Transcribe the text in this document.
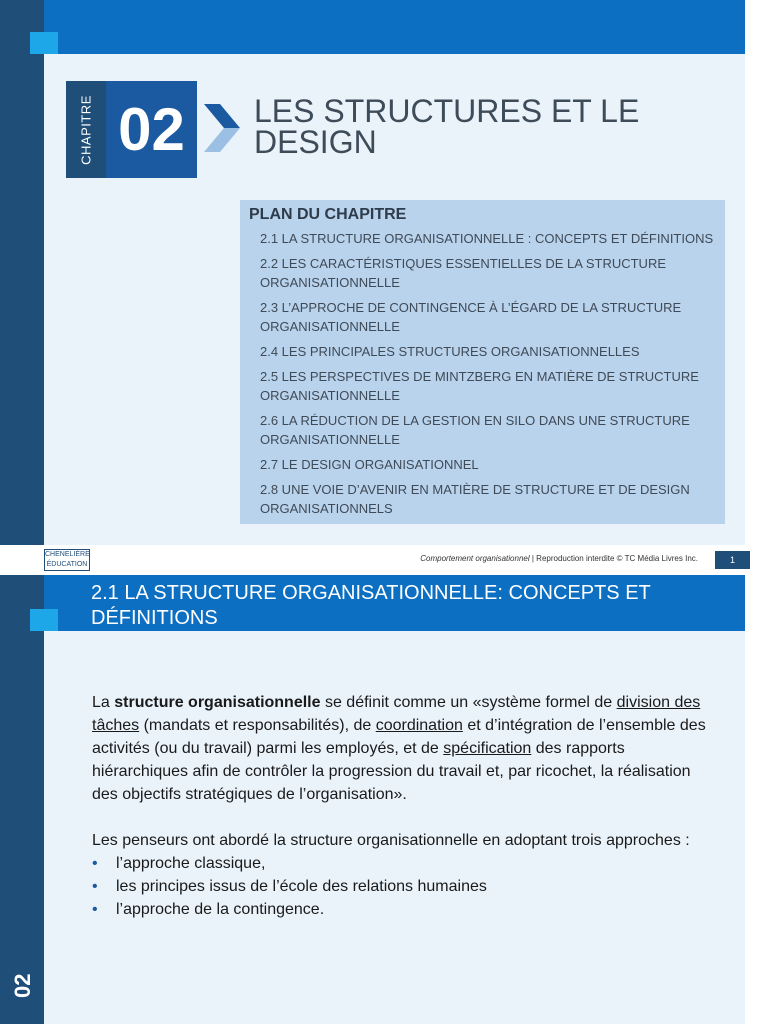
CHAPITRE 02	LES STRUCTURES ET LE DESIGN
PLAN DU CHAPITRE
2.1 LA STRUCTURE ORGANISATIONNELLE : CONCEPTS ET DÉFINITIONS
2.2 LES CARACTÉRISTIQUES ESSENTIELLES DE LA STRUCTURE ORGANISATIONNELLE
2.3 L’APPROCHE DE CONTINGENCE À L’ÉGARD DE LA STRUCTURE ORGANISATIONNELLE
2.4 LES PRINCIPALES STRUCTURES ORGANISATIONNELLES
2.5 LES PERSPECTIVES DE MINTZBERG EN MATIÈRE DE STRUCTURE ORGANISATIONNELLE
2.6 LA RÉDUCTION DE LA GESTION EN SILO DANS UNE STRUCTURE ORGANISATIONNELLE
2.7 LE DESIGN ORGANISATIONNEL
2.8 UNE VOIE D’AVENIR EN MATIÈRE DE STRUCTURE ET DE DESIGN ORGANISATIONNELS
CHENELIÈRE
ÉDUCATION
Comportement organisationnel | Reproduction interdite © TC Média Livres Inc.	1
2.1 LA STRUCTURE ORGANISATIONNELLE: CONCEPTS ET DÉFINITIONS

La structure organisationnelle se définit comme un «système formel de division des tâches (mandats et responsabilités), de coordination et d’intégration de l’ensemble des activités (ou du travail) parmi les employés, et de spécification des rapports hiérarchiques afin de contrôler la progression du travail et, par ricochet, la réalisation des objectifs stratégiques de l’organisation».

Les penseurs ont abordé la structure organisationnelle en adoptant trois approches :

• l’approche classique,
• les principes issus de l’école des relations humaines
• l’approche de la contingence.
02
